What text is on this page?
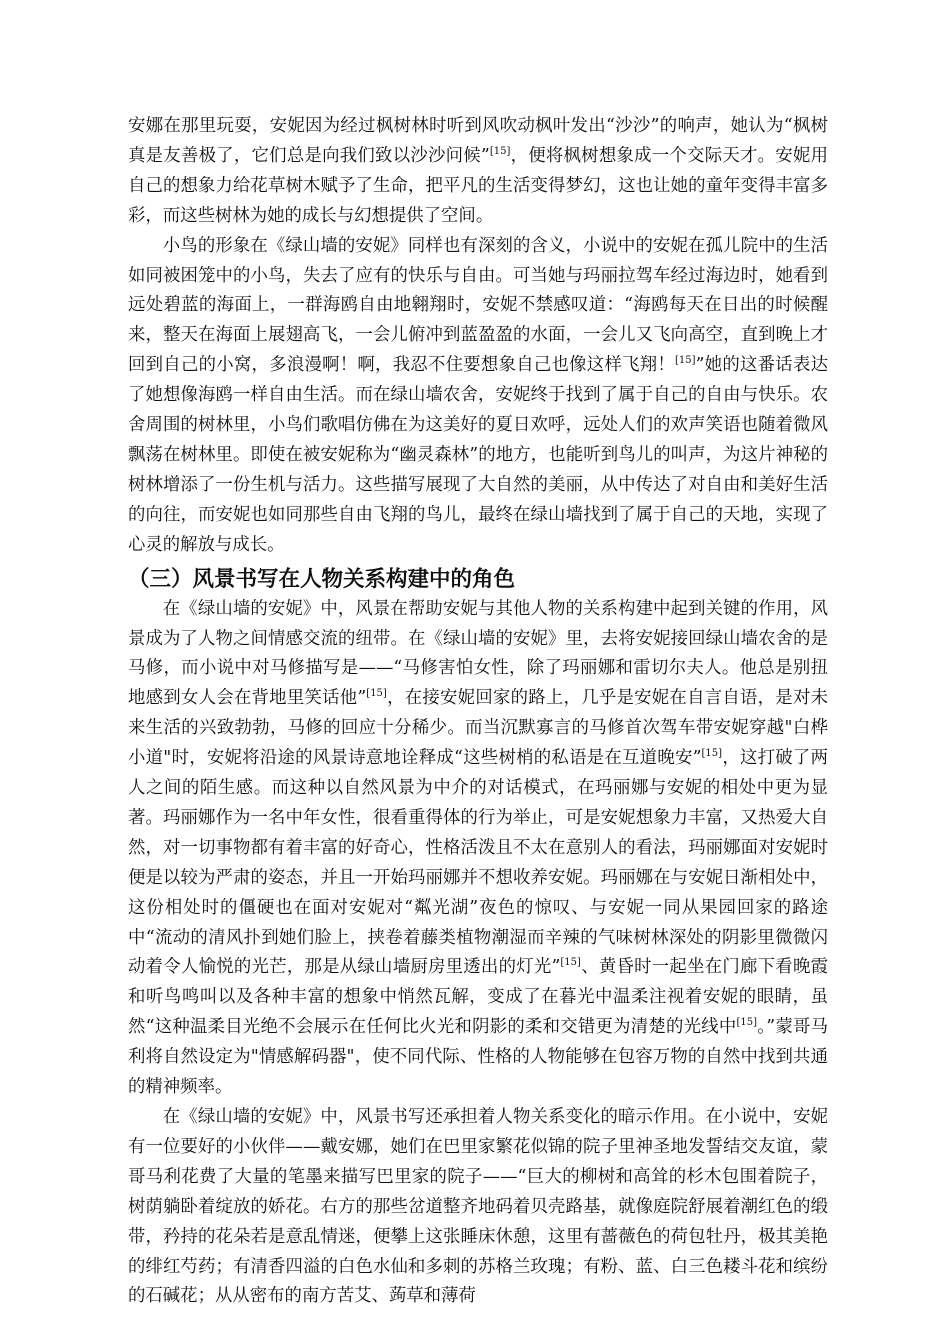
安娜在那里玩耍，安妮因为经过枫树林时听到风吹动枫叶发出“沙沙”的响声，她认为“枫树真是友善极了，它们总是向我们致以沙沙问候”[15]，便将枫树想象成一个交际天才。安妮用自己的想象力给花草树木赋予了生命，把平凡的生活变得梦幻，这也让她的童年变得丰富多彩，而这些树林为她的成长与幻想提供了空间。

小鸟的形象在《绿山墙的安妮》同样也有深刻的含义，小说中的安妮在孤儿院中的生活如同被困笼中的小鸟，失去了应有的快乐与自由。可当她与玛丽拉驾车经过海边时，她看到远处碧蓝的海面上，一群海鸥自由地翱翔时，安妮不禁感叹道：“海鸥每天在日出的时候醒来，整天在海面上展翅高飞，一会儿俯冲到蓝盈盈的水面，一会儿又飞向高空，直到晚上才回到自己的小窝，多浪漫啊！啊，我忍不住要想象自己也像这样飞翔！[15]”她的这番话表达了她想像海鸥一样自由生活。而在绿山墙农舍，安妮终于找到了属于自己的自由与快乐。农舍周围的树林里，小鸟们歌唱仿佛在为这美好的夏日欢呼，远处人们的欢声笑语也随着微风飘荡在树林里。即使在被安妮称为“幽灵森林”的地方，也能听到鸟儿的叫声，为这片神秘的树林增添了一份生机与活力。这些描写展现了大自然的美丽，从中传达了对自由和美好生活的向往，而安妮也如同那些自由飞翔的鸟儿，最终在绿山墙找到了属于自己的天地，实现了心灵的解放与成长。

（三）风景书写在人物关系构建中的角色

在《绿山墙的安妮》中，风景在帮助安妮与其他人物的关系构建中起到关键的作用，风景成为了人物之间情感交流的纽带。在《绿山墙的安妮》里，去将安妮接回绿山墙农舍的是马修，而小说中对马修描写是——“马修害怕女性，除了玛丽娜和雷切尔夫人。他总是别扭地感到女人会在背地里笑话他”[15]，在接安妮回家的路上，几乎是安妮在自言自语，是对未来生活的兴致勃勃，马修的回应十分稀少。而当沉默寡言的马修首次驾车带安妮穿越"白桦小道"时，安妮将沿途的风景诗意地诠释成“这些树梢的私语是在互道晚安”[15]，这打破了两人之间的陌生感。而这种以自然风景为中介的对话模式，在玛丽娜与安妮的相处中更为显著。玛丽娜作为一名中年女性，很看重得体的行为举止，可是安妮想象力丰富，又热爱大自然，对一切事物都有着丰富的好奇心，性格活泼且不太在意别人的看法，玛丽娜面对安妮时便是以较为严肃的姿态，并且一开始玛丽娜并不想收养安妮。玛丽娜在与安妮日渐相处中，这份相处时的僵硬也在面对安妮对“粼光湖”夜色的惊叹、与安妮一同从果园回家的路途中“流动的清风扑到她们脸上，挟卷着藤类植物潮湿而辛辣的气味树林深处的阴影里微微闪动着令人愉悦的光芒，那是从绿山墙厨房里透出的灯光”[15]、黄昏时一起坐在门廊下看晚霞和听鸟鸣叫以及各种丰富的想象中悄然瓦解，变成了在暮光中温柔注视着安妮的眼睛，虽然“这种温柔目光绝不会展示在任何比火光和阴影的柔和交错更为清楚的光线中[15]。”蒙哥马利将自然设定为"情感解码器"，使不同代际、性格的人物能够在包容万物的自然中找到共通的精神频率。

在《绿山墙的安妮》中，风景书写还承担着人物关系变化的暗示作用。在小说中，安妮有一位要好的小伙伴——戴安娜，她们在巴里家繁花似锦的院子里神圣地发誓结交友谊，蒙哥马利花费了大量的笔墨来描写巴里家的院子——“巨大的柳树和高耸的杉木包围着院子，树荫躺卧着绽放的娇花。右方的那些岔道整齐地码着贝壳路基，就像庭院舒展着潮红色的缎带，矜持的花朵若是意乱情迷，便攀上这张睡床休憩，这里有蔷薇色的荷包牡丹，极其美艳的绯红芍药；有清香四溢的白色水仙和多刺的苏格兰玫瑰；有粉、蓝、白三色耧斗花和缤纷的石碱花；从从密布的南方苦艾、蒟草和薄荷
